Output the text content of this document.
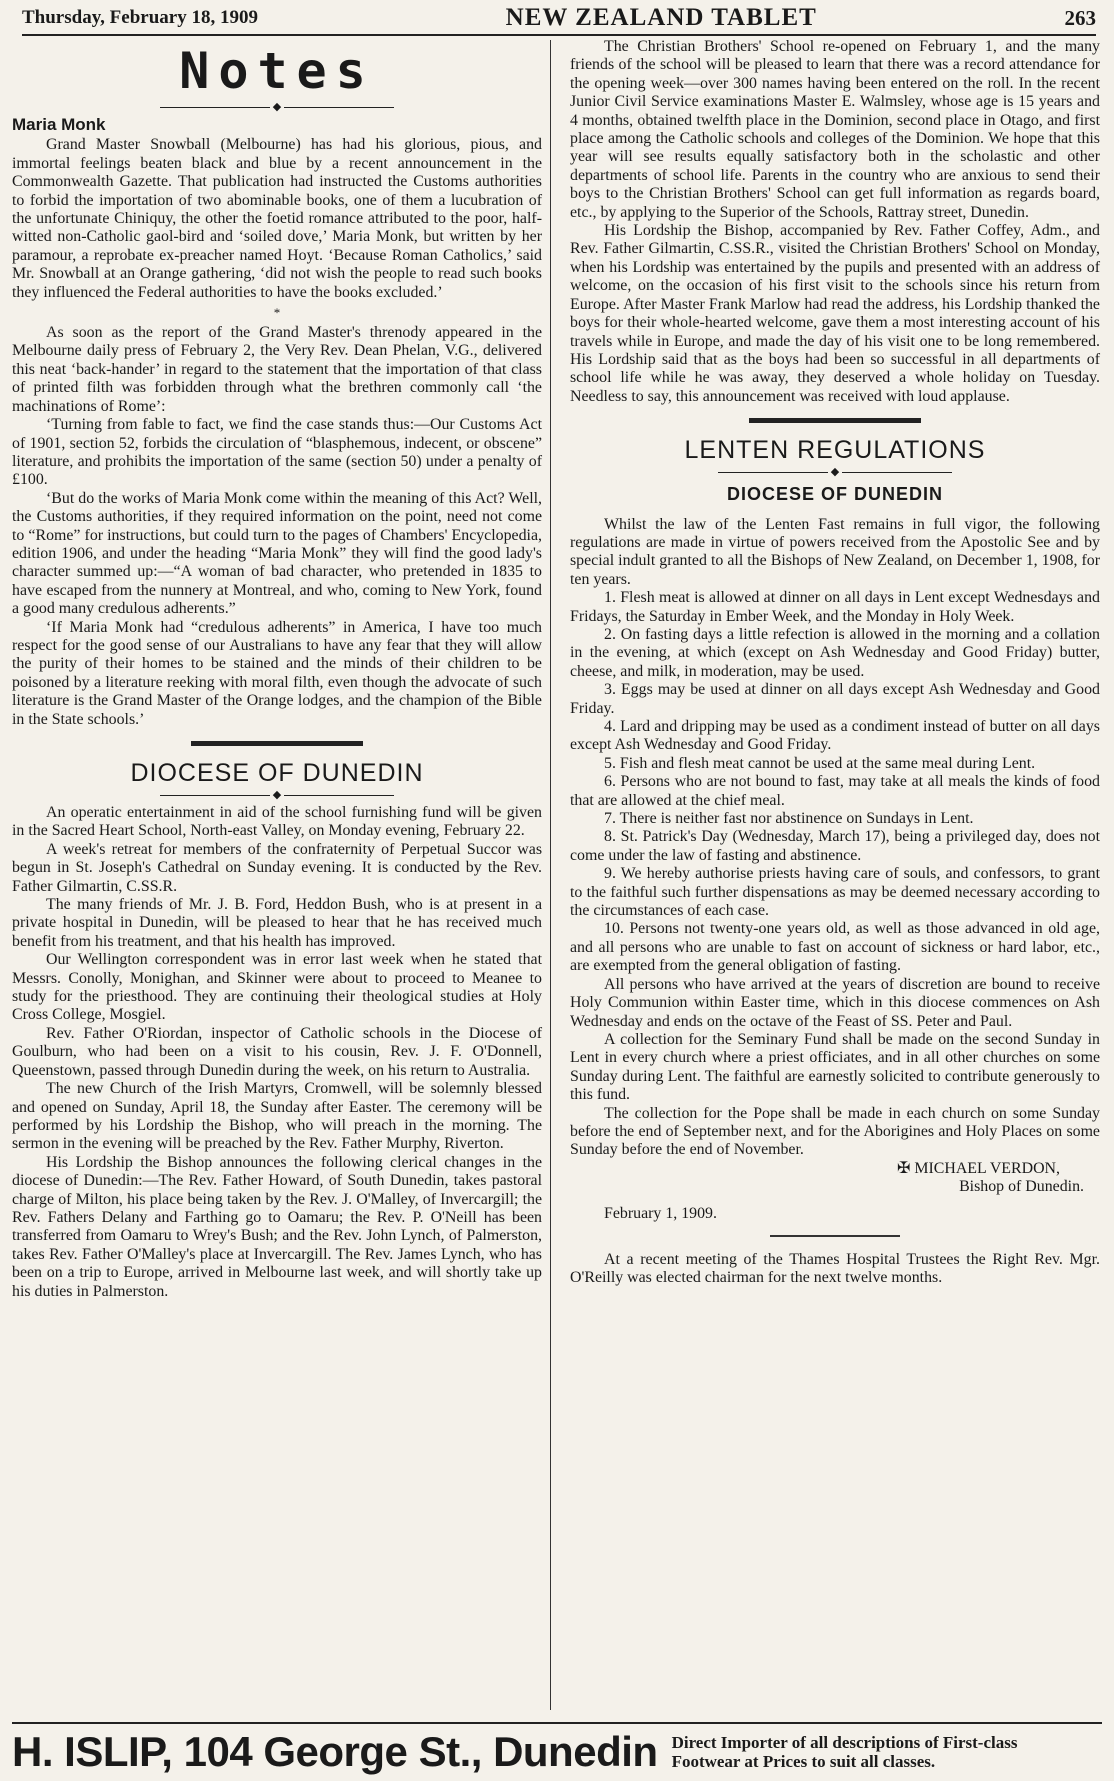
Thursday, February 18, 1909	NEW ZEALAND TABLET	263
Notes
◆
Maria Monk

Grand Master Snowball (Melbourne) has had his glorious, pious, and immortal feelings beaten black and blue by a recent announcement in the Commonwealth Gazette. That publication had instructed the Customs authorities to forbid the importation of two abominable books, one of them a lucubration of the unfortunate Chiniquy, the other the foetid romance attributed to the poor, half-witted non-Catholic gaol-bird and ‘soiled dove,’ Maria Monk, but written by her paramour, a reprobate ex-preacher named Hoyt. ‘Because Roman Catholics,’ said Mr. Snowball at an Orange gathering, ‘did not wish the people to read such books they influenced the Federal authorities to have the books excluded.’

*

As soon as the report of the Grand Master's threnody appeared in the Melbourne daily press of February 2, the Very Rev. Dean Phelan, V.G., delivered this neat ‘back-hander’ in regard to the statement that the importation of that class of printed filth was forbidden through what the brethren commonly call ‘the machinations of Rome’:

‘Turning from fable to fact, we find the case stands thus:—Our Customs Act of 1901, section 52, forbids the circulation of “blasphemous, indecent, or obscene” literature, and prohibits the importation of the same (section 50) under a penalty of £100.

‘But do the works of Maria Monk come within the meaning of this Act? Well, the Customs authorities, if they required information on the point, need not come to “Rome” for instructions, but could turn to the pages of Chambers' Encyclopedia, edition 1906, and under the heading “Maria Monk” they will find the good lady's character summed up:—“A woman of bad character, who pretended in 1835 to have escaped from the nunnery at Montreal, and who, coming to New York, found a good many credulous adherents.”

‘If Maria Monk had “credulous adherents” in America, I have too much respect for the good sense of our Australians to have any fear that they will allow the purity of their homes to be stained and the minds of their children to be poisoned by a literature reeking with moral filth, even though the advocate of such literature is the Grand Master of the Orange lodges, and the champion of the Bible in the State schools.’

DIOCESE OF DUNEDIN
◆

An operatic entertainment in aid of the school furnishing fund will be given in the Sacred Heart School, North-east Valley, on Monday evening, February 22.

A week's retreat for members of the confraternity of Perpetual Succor was begun in St. Joseph's Cathedral on Sunday evening. It is conducted by the Rev. Father Gilmartin, C.SS.R.

The many friends of Mr. J. B. Ford, Heddon Bush, who is at present in a private hospital in Dunedin, will be pleased to hear that he has received much benefit from his treatment, and that his health has improved.

Our Wellington correspondent was in error last week when he stated that Messrs. Conolly, Monighan, and Skinner were about to proceed to Meanee to study for the priesthood. They are continuing their theological studies at Holy Cross College, Mosgiel.

Rev. Father O'Riordan, inspector of Catholic schools in the Diocese of Goulburn, who had been on a visit to his cousin, Rev. J. F. O'Donnell, Queenstown, passed through Dunedin during the week, on his return to Australia.

The new Church of the Irish Martyrs, Cromwell, will be solemnly blessed and opened on Sunday, April 18, the Sunday after Easter. The ceremony will be performed by his Lordship the Bishop, who will preach in the morning. The sermon in the evening will be preached by the Rev. Father Murphy, Riverton.

His Lordship the Bishop announces the following clerical changes in the diocese of Dunedin:—The Rev. Father Howard, of South Dunedin, takes pastoral charge of Milton, his place being taken by the Rev. J. O'Malley, of Invercargill; the Rev. Fathers Delany and Farthing go to Oamaru; the Rev. P. O'Neill has been transferred from Oamaru to Wrey's Bush; and the Rev. John Lynch, of Palmerston, takes Rev. Father O'Malley's place at Invercargill. The Rev. James Lynch, who has been on a trip to Europe, arrived in Melbourne last week, and will shortly take up his duties in Palmerston.

The Christian Brothers' School re-opened on February 1, and the many friends of the school will be pleased to learn that there was a record attendance for the opening week—over 300 names having been entered on the roll. In the recent Junior Civil Service examinations Master E. Walmsley, whose age is 15 years and 4 months, obtained twelfth place in the Dominion, second place in Otago, and first place among the Catholic schools and colleges of the Dominion. We hope that this year will see results equally satisfactory both in the scholastic and other departments of school life. Parents in the country who are anxious to send their boys to the Christian Brothers' School can get full information as regards board, etc., by applying to the Superior of the Schools, Rattray street, Dunedin.

His Lordship the Bishop, accompanied by Rev. Father Coffey, Adm., and Rev. Father Gilmartin, C.SS.R., visited the Christian Brothers' School on Monday, when his Lordship was entertained by the pupils and presented with an address of welcome, on the occasion of his first visit to the schools since his return from Europe. After Master Frank Marlow had read the address, his Lordship thanked the boys for their whole-hearted welcome, gave them a most interesting account of his travels while in Europe, and made the day of his visit one to be long remembered. His Lordship said that as the boys had been so successful in all departments of school life while he was away, they deserved a whole holiday on Tuesday. Needless to say, this announcement was received with loud applause.

LENTEN REGULATIONS
◆
DIOCESE OF DUNEDIN

Whilst the law of the Lenten Fast remains in full vigor, the following regulations are made in virtue of powers received from the Apostolic See and by special indult granted to all the Bishops of New Zealand, on December 1, 1908, for ten years.

1. Flesh meat is allowed at dinner on all days in Lent except Wednesdays and Fridays, the Saturday in Ember Week, and the Monday in Holy Week.

2. On fasting days a little refection is allowed in the morning and a collation in the evening, at which (except on Ash Wednesday and Good Friday) butter, cheese, and milk, in moderation, may be used.

3. Eggs may be used at dinner on all days except Ash Wednesday and Good Friday.

4. Lard and dripping may be used as a condiment instead of butter on all days except Ash Wednesday and Good Friday.

5. Fish and flesh meat cannot be used at the same meal during Lent.

6. Persons who are not bound to fast, may take at all meals the kinds of food that are allowed at the chief meal.

7. There is neither fast nor abstinence on Sundays in Lent.

8. St. Patrick's Day (Wednesday, March 17), being a privileged day, does not come under the law of fasting and abstinence.

9. We hereby authorise priests having care of souls, and confessors, to grant to the faithful such further dispensations as may be deemed necessary according to the circumstances of each case.

10. Persons not twenty-one years old, as well as those advanced in old age, and all persons who are unable to fast on account of sickness or hard labor, etc., are exempted from the general obligation of fasting.

All persons who have arrived at the years of discretion are bound to receive Holy Communion within Easter time, which in this diocese commences on Ash Wednesday and ends on the octave of the Feast of SS. Peter and Paul.

A collection for the Seminary Fund shall be made on the second Sunday in Lent in every church where a priest officiates, and in all other churches on some Sunday during Lent. The faithful are earnestly solicited to contribute generously to this fund.

The collection for the Pope shall be made in each church on some Sunday before the end of September next, and for the Aborigines and Holy Places on some Sunday before the end of November.

✠ MICHAEL VERDON,
Bishop of Dunedin.
February 1, 1909.

At a recent meeting of the Thames Hospital Trustees the Right Rev. Mgr. O'Reilly was elected chairman for the next twelve months.

H. ISLIP, 104 George St., Dunedin Direct Importer of all descriptions of First-class
Footwear at Prices to suit all classes.
